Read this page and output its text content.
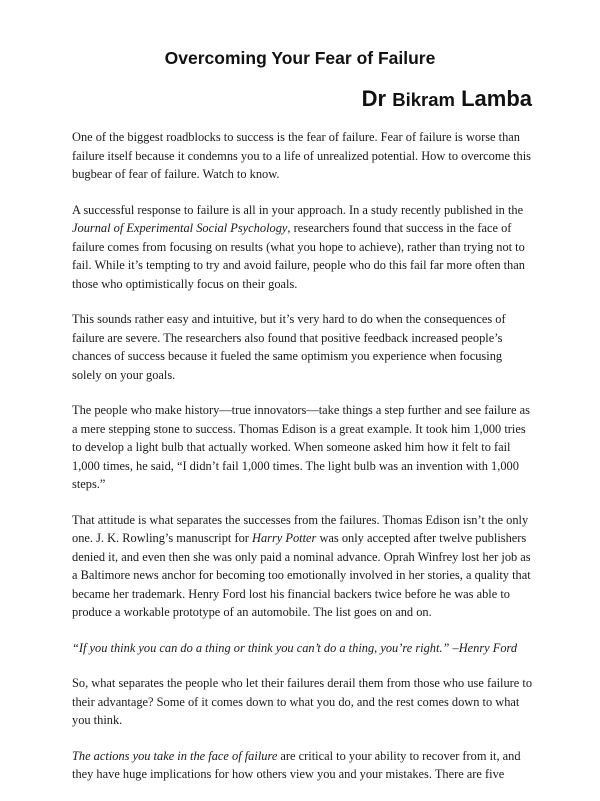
Overcoming Your Fear of Failure
Dr Bikram Lamba

One of the biggest roadblocks to success is the fear of failure. Fear of failure is worse than failure itself because it condemns you to a life of unrealized potential. How to overcome this bugbear of fear of failure. Watch to know.

A successful response to failure is all in your approach. In a study recently published in the Journal of Experimental Social Psychology, researchers found that success in the face of failure comes from focusing on results (what you hope to achieve), rather than trying not to fail. While it’s tempting to try and avoid failure, people who do this fail far more often than those who optimistically focus on their goals.

This sounds rather easy and intuitive, but it’s very hard to do when the consequences of failure are severe. The researchers also found that positive feedback increased people’s chances of success because it fueled the same optimism you experience when focusing solely on your goals.

The people who make history—true innovators—take things a step further and see failure as a mere stepping stone to success. Thomas Edison is a great example. It took him 1,000 tries to develop a light bulb that actually worked. When someone asked him how it felt to fail 1,000 times, he said, “I didn’t fail 1,000 times. The light bulb was an invention with 1,000 steps.”

That attitude is what separates the successes from the failures. Thomas Edison isn’t the only one. J. K. Rowling’s manuscript for Harry Potter was only accepted after twelve publishers denied it, and even then she was only paid a nominal advance. Oprah Winfrey lost her job as a Baltimore news anchor for becoming too emotionally involved in her stories, a quality that became her trademark. Henry Ford lost his financial backers twice before he was able to produce a workable prototype of an automobile. The list goes on and on.

“If you think you can do a thing or think you can’t do a thing, you’re right.” –Henry Ford

So, what separates the people who let their failures derail them from those who use failure to their advantage? Some of it comes down to what you do, and the rest comes down to what you think.

The actions you take in the face of failure are critical to your ability to recover from it, and they have huge implications for how others view you and your mistakes. There are five
